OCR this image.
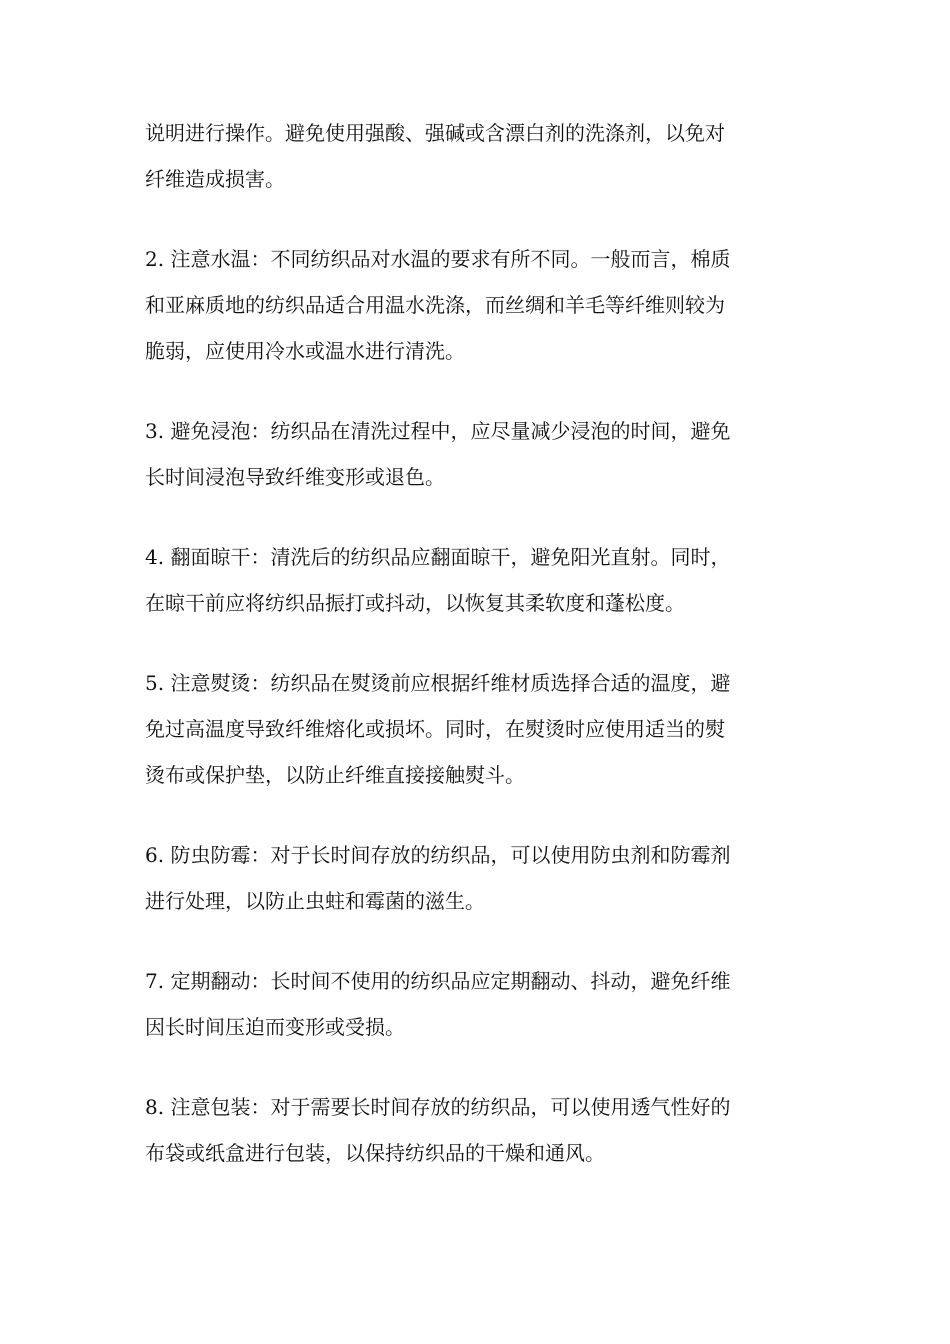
说明进行操作。避免使用强酸、强碱或含漂白剂的洗涤剂，以免对
纤维造成损害。
2. 注意水温：不同纺织品对水温的要求有所不同。一般而言，棉质
和亚麻质地的纺织品适合用温水洗涤，而丝绸和羊毛等纤维则较为
脆弱，应使用冷水或温水进行清洗。
3. 避免浸泡：纺织品在清洗过程中，应尽量减少浸泡的时间，避免
长时间浸泡导致纤维变形或退色。
4. 翻面晾干：清洗后的纺织品应翻面晾干，避免阳光直射。同时，
在晾干前应将纺织品振打或抖动，以恢复其柔软度和蓬松度。
5. 注意熨烫：纺织品在熨烫前应根据纤维材质选择合适的温度，避
免过高温度导致纤维熔化或损坏。同时，在熨烫时应使用适当的熨
烫布或保护垫，以防止纤维直接接触熨斗。
6. 防虫防霉：对于长时间存放的纺织品，可以使用防虫剂和防霉剂
进行处理，以防止虫蛀和霉菌的滋生。
7. 定期翻动：长时间不使用的纺织品应定期翻动、抖动，避免纤维
因长时间压迫而变形或受损。
8. 注意包装：对于需要长时间存放的纺织品，可以使用透气性好的
布袋或纸盒进行包装，以保持纺织品的干燥和通风。
